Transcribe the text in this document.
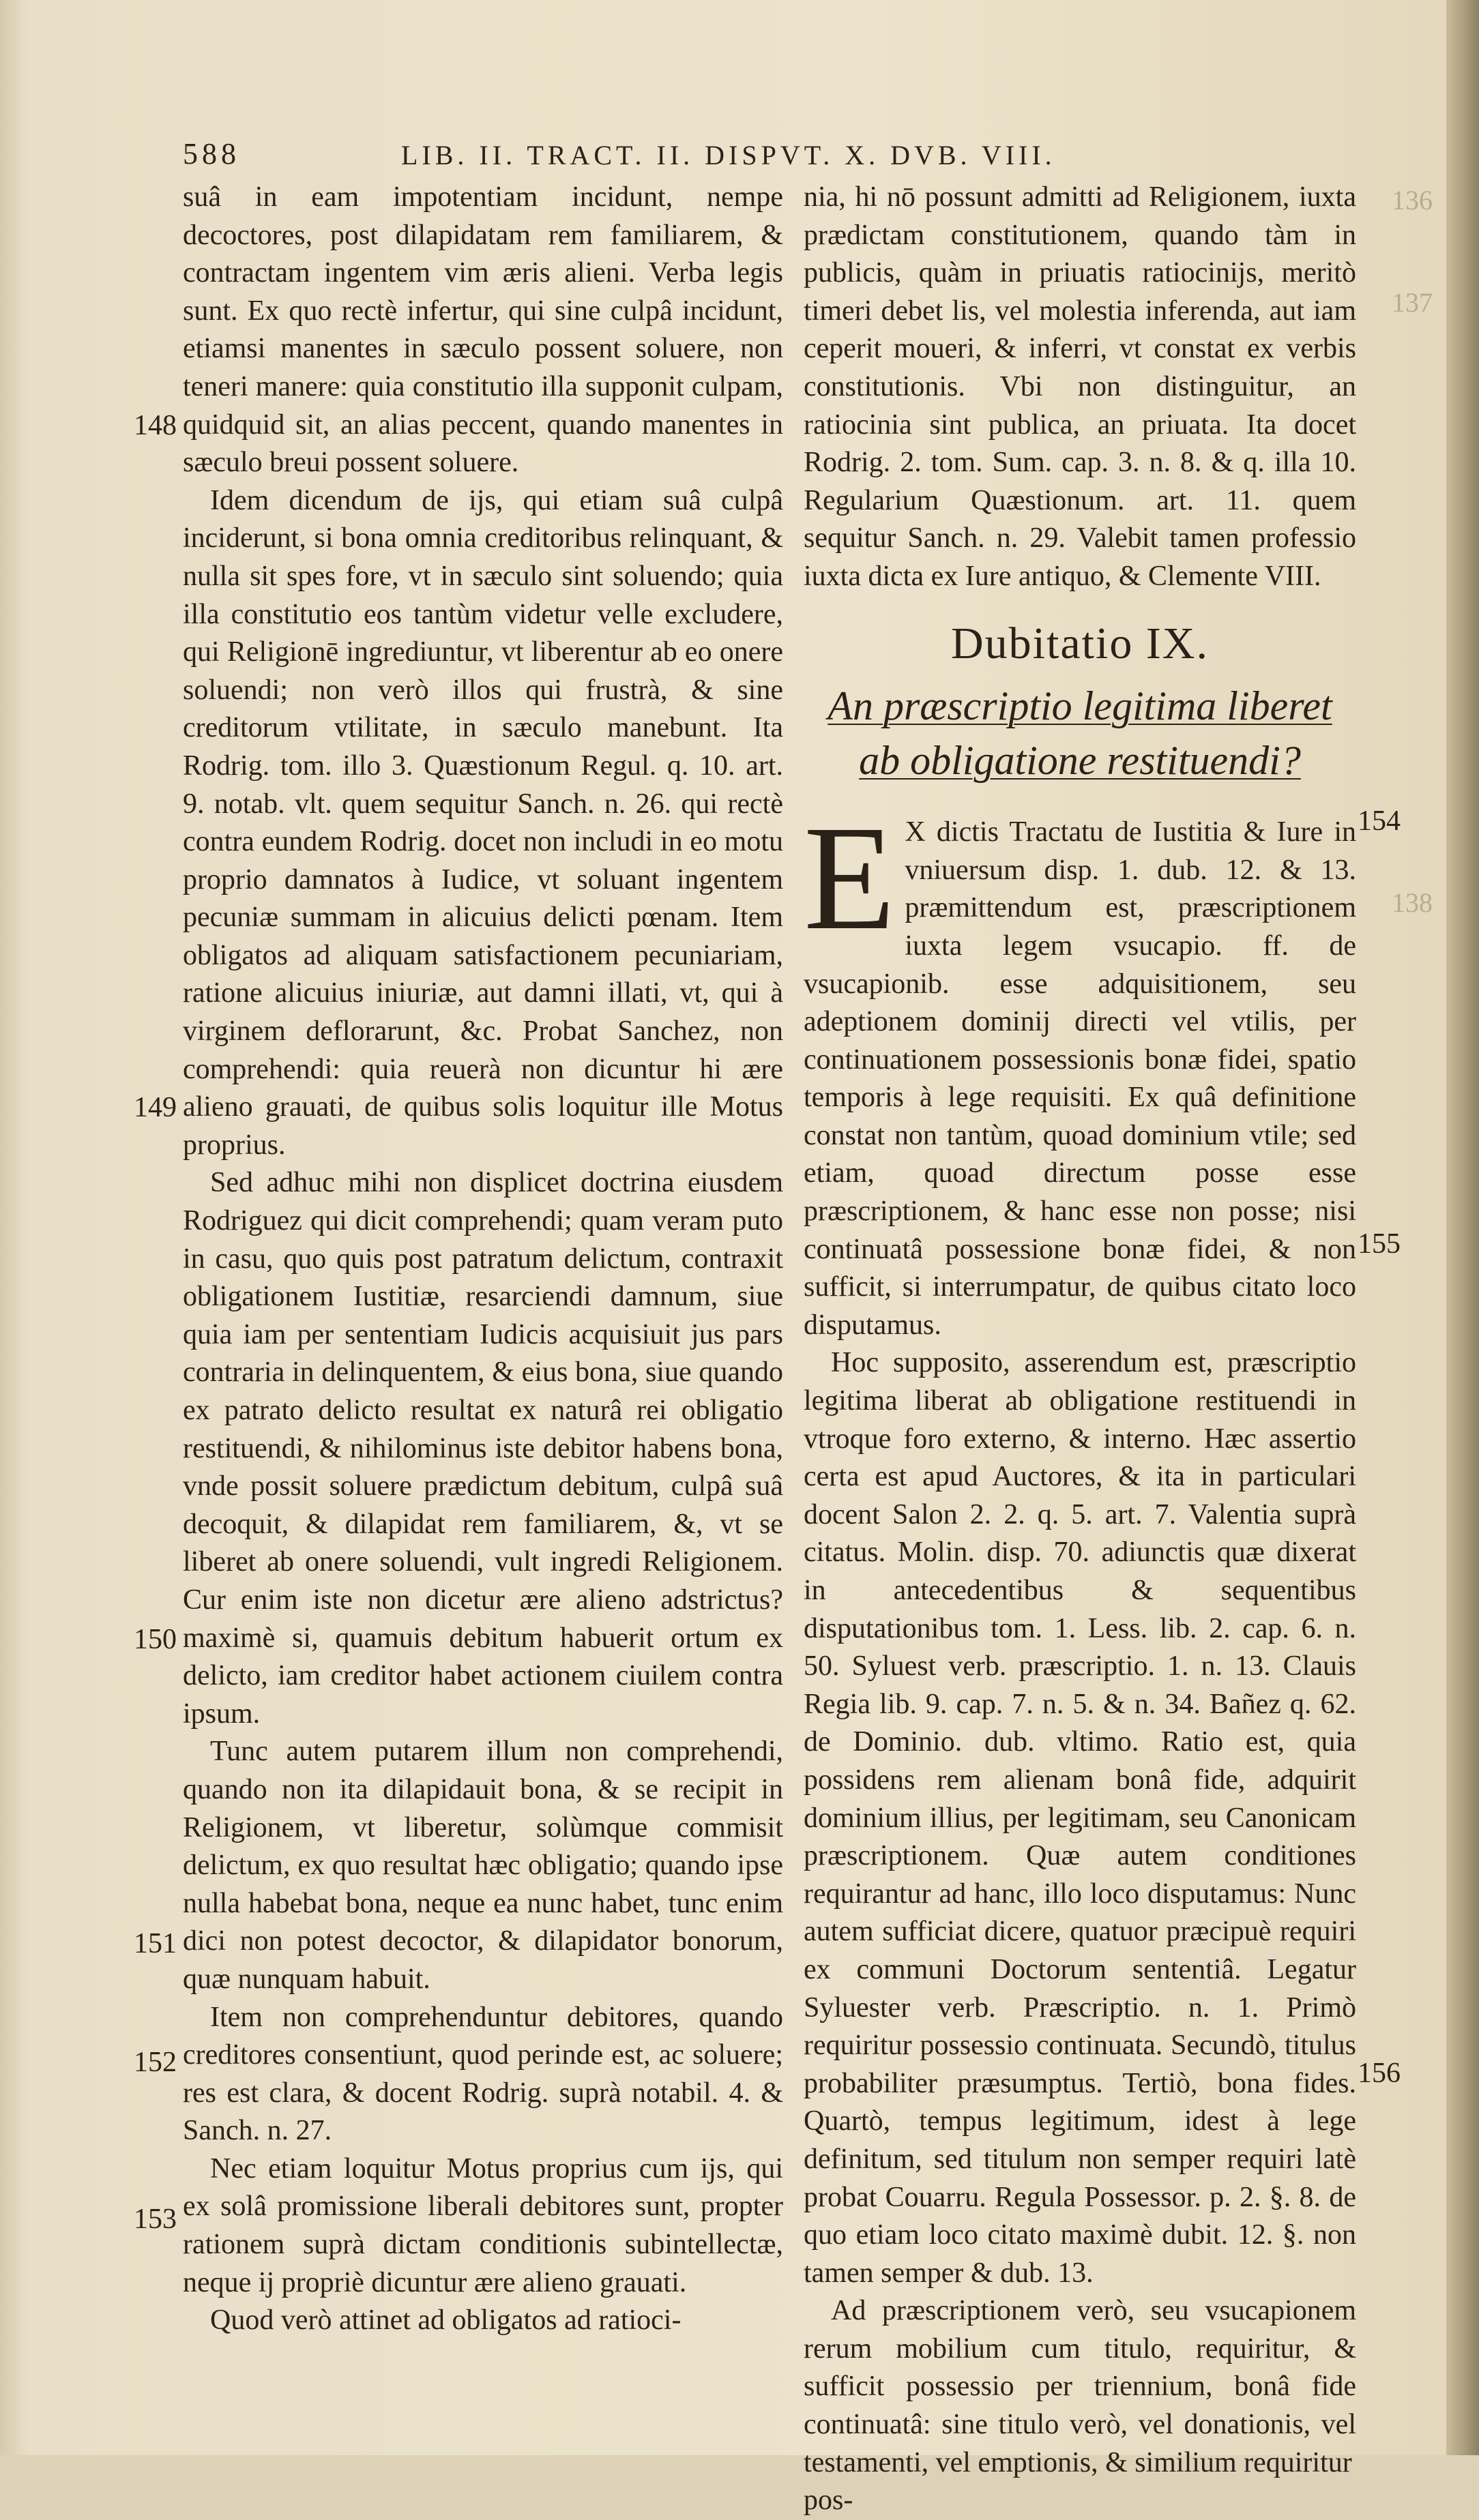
588	LIB. II. TRACT. II. DISPVT. X. DVB. VIII.
148
149
150
151
152
153
154
155
156
136
137
138

suâ in eam impotentiam incidunt, nempe decoctores, post dilapidatam rem familiarem, & contractam ingentem vim æris alieni. Verba legis sunt. Ex quo rectè infertur, qui sine culpâ incidunt, etiamsi manentes in sæculo possent soluere, non teneri manere: quia constitutio illa supponit culpam, quidquid sit, an alias peccent, quando manentes in sæculo breui possent soluere.

Idem dicendum de ijs, qui etiam suâ culpâ inciderunt, si bona omnia creditoribus relinquant, & nulla sit spes fore, vt in sæculo sint soluendo; quia illa constitutio eos tantùm videtur velle excludere, qui Religionē ingrediuntur, vt liberentur ab eo onere soluendi; non verò illos qui frustrà, & sine creditorum vtilitate, in sæculo manebunt. Ita Rodrig. tom. illo 3. Quæstionum Regul. q. 10. art. 9. notab. vlt. quem sequitur Sanch. n. 26. qui rectè contra eundem Rodrig. docet non includi in eo motu proprio damnatos à Iudice, vt soluant ingentem pecuniæ summam in alicuius delicti pœnam. Item obligatos ad aliquam satisfactionem pecuniariam, ratione alicuius iniuriæ, aut damni illati, vt, qui à virginem deflorarunt, &c. Probat Sanchez, non comprehendi: quia reuerà non dicuntur hi ære alieno grauati, de quibus solis loquitur ille Motus proprius.

Sed adhuc mihi non displicet doctrina eiusdem Rodriguez qui dicit comprehendi; quam veram puto in casu, quo quis post patratum delictum, contraxit obligationem Iustitiæ, resarciendi damnum, siue quia iam per sententiam Iudicis acquisiuit jus pars contraria in delinquentem, & eius bona, siue quando ex patrato delicto resultat ex naturâ rei obligatio restituendi, & nihilominus iste debitor habens bona, vnde possit soluere prædictum debitum, culpâ suâ decoquit, & dilapidat rem familiarem, &, vt se liberet ab onere soluendi, vult ingredi Religionem. Cur enim iste non dicetur ære alieno adstrictus? maximè si, quamuis debitum habuerit ortum ex delicto, iam creditor habet actionem ciuilem contra ipsum.

Tunc autem putarem illum non comprehendi, quando non ita dilapidauit bona, & se recipit in Religionem, vt liberetur, solùmque commisit delictum, ex quo resultat hæc obligatio; quando ipse nulla habebat bona, neque ea nunc habet, tunc enim dici non potest decoctor, & dilapidator bonorum, quæ nunquam habuit.

Item non comprehenduntur debitores, quando creditores consentiunt, quod perinde est, ac soluere; res est clara, & docent Rodrig. suprà notabil. 4. & Sanch. n. 27.

Nec etiam loquitur Motus proprius cum ijs, qui ex solâ promissione liberali debitores sunt, propter rationem suprà dictam conditionis subintellectæ, neque ij propriè dicuntur ære alieno grauati.

Quod verò attinet ad obligatos ad ratioci-

nia, hi nō possunt admitti ad Religionem, iuxta prædictam constitutionem, quando tàm in publicis, quàm in priuatis ratiocinijs, meritò timeri debet lis, vel molestia inferenda, aut iam ceperit moueri, & inferri, vt constat ex verbis constitutionis. Vbi non distinguitur, an ratiocinia sint publica, an priuata. Ita docet Rodrig. 2. tom. Sum. cap. 3. n. 8. & q. illa 10. Regularium Quæstionum. art. 11. quem sequitur Sanch. n. 29. Valebit tamen professio iuxta dicta ex Iure antiquo, & Clemente VIII.

Dubitatio IX.
An præscriptio legitima liberet ab obligatione restituendi?

E X dictis Tractatu de Iustitia & Iure in vniuersum disp. 1. dub. 12. & 13. præmittendum est, præscriptionem iuxta legem vsucapio. ff. de vsucapionib. esse adquisitionem, seu adeptionem dominij directi vel vtilis, per continuationem possessionis bonæ fidei, spatio temporis à lege requisiti. Ex quâ definitione constat non tantùm, quoad dominium vtile; sed etiam, quoad directum posse esse præscriptionem, & hanc esse non posse; nisi continuatâ possessione bonæ fidei, & non sufficit, si interrumpatur, de quibus citato loco disputamus.

Hoc supposito, asserendum est, præscriptio legitima liberat ab obligatione restituendi in vtroque foro externo, & interno. Hæc assertio certa est apud Auctores, & ita in particulari docent Salon 2. 2. q. 5. art. 7. Valentia suprà citatus. Molin. disp. 70. adiunctis quæ dixerat in antecedentibus & sequentibus disputationibus tom. 1. Less. lib. 2. cap. 6. n. 50. Syluest verb. præscriptio. 1. n. 13. Clauis Regia lib. 9. cap. 7. n. 5. & n. 34. Bañez q. 62. de Dominio. dub. vltimo. Ratio est, quia possidens rem alienam bonâ fide, adquirit dominium illius, per legitimam, seu Canonicam præscriptionem. Quæ autem conditiones requirantur ad hanc, illo loco disputamus: Nunc autem sufficiat dicere, quatuor præcipuè requiri ex communi Doctorum sententiâ. Legatur Syluester verb. Præscriptio. n. 1. Primò requiritur possessio continuata. Secundò, titulus probabiliter præsumptus. Tertiò, bona fides. Quartò, tempus legitimum, idest à lege definitum, sed titulum non semper requiri latè probat Couarru. Regula Possessor. p. 2. §. 8. de quo etiam loco citato maximè dubit. 12. §. non tamen semper & dub. 13.

Ad præscriptionem verò, seu vsucapionem rerum mobilium cum titulo, requiritur, & sufficit possessio per triennium, bonâ fide continuatâ: sine titulo verò, vel donationis, vel testamenti, vel emptionis, & similium requiritur

pos-
